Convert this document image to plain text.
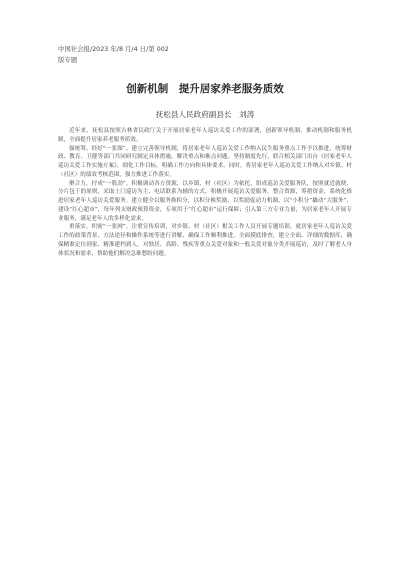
中国社会报/2023 年/8 月/4 日/第 002
版专题
创新机制　提升居家养老服务质效
抚松县人民政府副县长　刘涛

近年来，抚松县按照吉林省民政厅关于开展居家老年人巡访关爱工作的部署，创新领导机制、推动机制和服务机制，全面提升居家养老服务质效。

强统筹，经好“一张图”。建立完善领导机制，将居家老年人巡访关爱工作纳入民生服务重点工作予以推进，统筹财政、教育、卫健等部门共同研究制定具体措施，解决重点和难点问题。坚持制度先行，联合相关部门出台《居家老年人巡访关爱工作实施方案》，细化工作目标，明确工作方向和具体要求。同时，将居家老年人巡访关爱工作纳入对乡镇、村（社区）的绩效考核范围，强力推进工作落实。

聚合力，拧成“一股劲”。积极调动各方资源，以乡镇、村（社区）为依托，组成巡访关爱服务队，按照就近就便、分片包干的原则，采取上门巡访为主、电话联系为辅的方式，积极开展巡访关爱服务。整合资源，筹措资金，系统化推进居家老年人巡访关爱服务。建立健全以服务换积分，以积分换奖励，以奖励促动力机制，以“小积分”撬动“大服务”，建设“红心超市”，每年列支财政预算资金，专项用于“红心超市”运行保障；引入第三方专业力量，为居家老年人开展专业服务，满足老年人的多样化需求。

重落实，织密“一张网”。注重宣传培训，对乡镇、村（社区）相关工作人员开展专题培训，就居家老年人巡访关爱工作的政策背景、方法途径和操作系统等进行讲解，确保工作顺利推进。全面摸底排查，建立全面、详细的数据库，确保精准定位到家、精准建档到人。对独居、高龄、残疾等重点关爱对象和一般关爱对象分类开展巡访，及时了解老人身体状况和需求，帮助他们解决急难愁盼问题。
